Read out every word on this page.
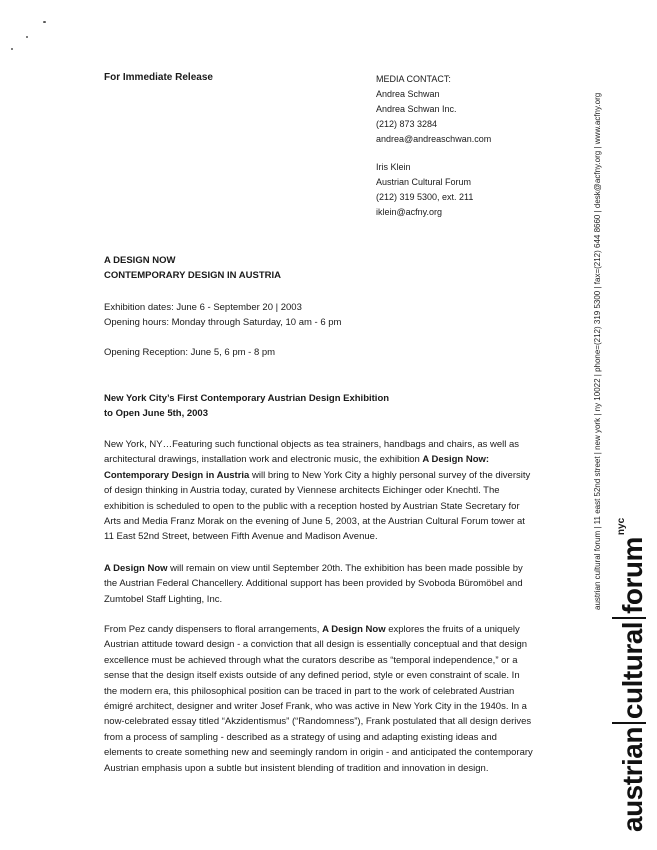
For Immediate Release	MEDIA CONTACT:
Andrea Schwan
Andrea Schwan Inc.
(212) 873 3284
andrea@andreaschwan.com
Iris Klein
Austrian Cultural Forum
(212) 319 5300, ext. 211
iklein@acfny.org
A DESIGN NOW
CONTEMPORARY DESIGN IN AUSTRIA
Exhibition dates: June 6 - September 20 | 2003
Opening hours: Monday through Saturday, 10 am - 6 pm
Opening Reception: June 5, 6 pm - 8 pm
New York City’s First Contemporary Austrian Design Exhibition
to Open June 5th, 2003

New York, NY…Featuring such functional objects as tea strainers, handbags and chairs, as well as architectural drawings, installation work and electronic music, the exhibition A Design Now: Contemporary Design in Austria will bring to New York City a highly personal survey of the diversity of design thinking in Austria today, curated by Viennese architects Eichinger oder Knechtl. The exhibition is scheduled to open to the public with a reception hosted by Austrian State Secretary for Arts and Media Franz Morak on the evening of June 5, 2003, at the Austrian Cultural Forum tower at 11 East 52nd Street, between Fifth Avenue and Madison Avenue.

A Design Now will remain on view until September 20th. The exhibition has been made possible by the Austrian Federal Chancellery. Additional support has been provided by Svoboda Büromöbel and Zumtobel Staff Lighting, Inc.

From Pez candy dispensers to floral arrangements, A Design Now explores the fruits of a uniquely Austrian attitude toward design - a conviction that all design is essentially conceptual and that design excellence must be achieved through what the curators describe as “temporal independence,” or a sense that the design itself exists outside of any defined period, style or even constraint of scale. In the modern era, this philosophical position can be traced in part to the work of celebrated Austrian émigré architect, designer and writer Josef Frank, who was active in New York City in the 1940s. In a now-celebrated essay titled “Akzidentismus” (“Randomness”), Frank postulated that all design derives from a process of sampling - described as a strategy of using and adapting existing ideas and elements to create something new and seemingly random in origin - and anticipated the contemporary Austrian emphasis upon a subtle but insistent blending of tradition and innovation in design.

austrian cultural forum | 11 east 52nd street | new york | ny 10022 | phone=(212) 319 5300 | fax=(212) 644 8660 | desk@acfny.org | www.acfny.org
austrianculturalforum$^{nyc}$
